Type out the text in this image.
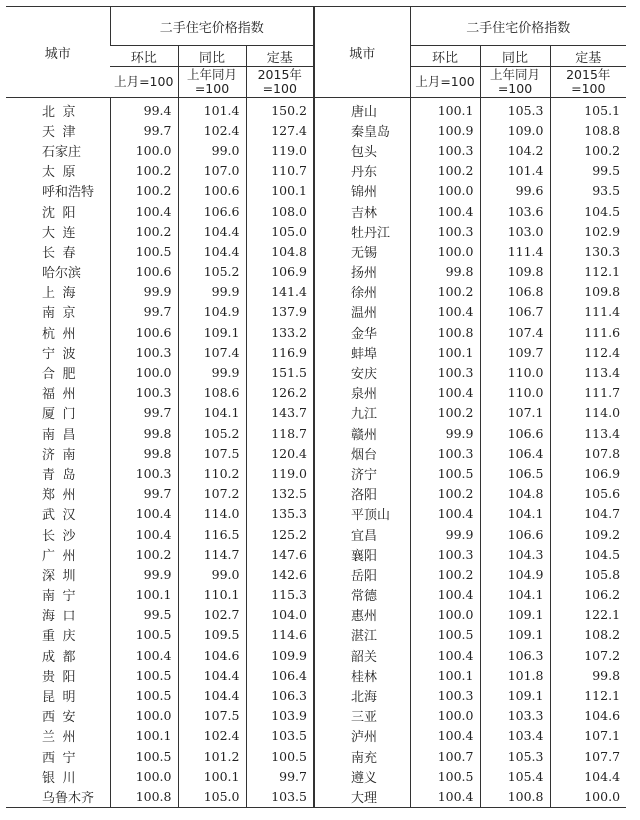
城市	二手住宅价格指数			城市	二手住宅价格指数		
	环比	同比	定基		环比	同比	定基
	上月=100	上年同月=100	2015年=100		上月=100	上年同月=100	2015年=100
北京	99.4	101.4	150.2	唐山	100.1	105.3	105.1
天津	99.7	102.4	127.4	秦皇岛	100.9	109.0	108.8
石家庄	100.0	99.0	119.0	包头	100.3	104.2	100.2
太原	100.2	107.0	110.7	丹东	100.2	101.4	99.5
呼和浩特	100.2	100.6	100.1	锦州	100.0	99.6	93.5
沈阳	100.4	106.6	108.0	吉林	100.4	103.6	104.5
大连	100.2	104.4	105.0	牡丹江	100.3	103.0	102.9
长春	100.5	104.4	104.8	无锡	100.0	111.4	130.3
哈尔滨	100.6	105.2	106.9	扬州	99.8	109.8	112.1
上海	99.9	99.9	141.4	徐州	100.2	106.8	109.8
南京	99.7	104.9	137.9	温州	100.4	106.7	111.4
杭州	100.6	109.1	133.2	金华	100.8	107.4	111.6
宁波	100.3	107.4	116.9	蚌埠	100.1	109.7	112.4
合肥	100.0	99.9	151.5	安庆	100.3	110.0	113.4
福州	100.3	108.6	126.2	泉州	100.4	110.0	111.7
厦门	99.7	104.1	143.7	九江	100.2	107.1	114.0
南昌	99.8	105.2	118.7	赣州	99.9	106.6	113.4
济南	99.8	107.5	120.4	烟台	100.3	106.4	107.8
青岛	100.3	110.2	119.0	济宁	100.5	106.5	106.9
郑州	99.7	107.2	132.5	洛阳	100.2	104.8	105.6
武汉	100.4	114.0	135.3	平顶山	100.4	104.1	104.7
长沙	100.4	116.5	125.2	宜昌	99.9	106.6	109.2
广州	100.2	114.7	147.6	襄阳	100.3	104.3	104.5
深圳	99.9	99.0	142.6	岳阳	100.2	104.9	105.8
南宁	100.1	110.1	115.3	常德	100.4	104.1	106.2
海口	99.5	102.7	104.0	惠州	100.0	109.1	122.1
重庆	100.5	109.5	114.6	湛江	100.5	109.1	108.2
成都	100.4	104.6	109.9	韶关	100.4	106.3	107.2
贵阳	100.5	104.4	106.4	桂林	100.1	101.8	99.8
昆明	100.5	104.4	106.3	北海	100.3	109.1	112.1
西安	100.0	107.5	103.9	三亚	100.0	103.3	104.6
兰州	100.1	102.4	103.5	泸州	100.4	103.4	107.1
西宁	100.5	101.2	100.5	南充	100.7	105.3	107.7
银川	100.0	100.1	99.7	遵义	100.5	105.4	104.4
乌鲁木齐	100.8	105.0	103.5	大理	100.4	100.8	100.0
